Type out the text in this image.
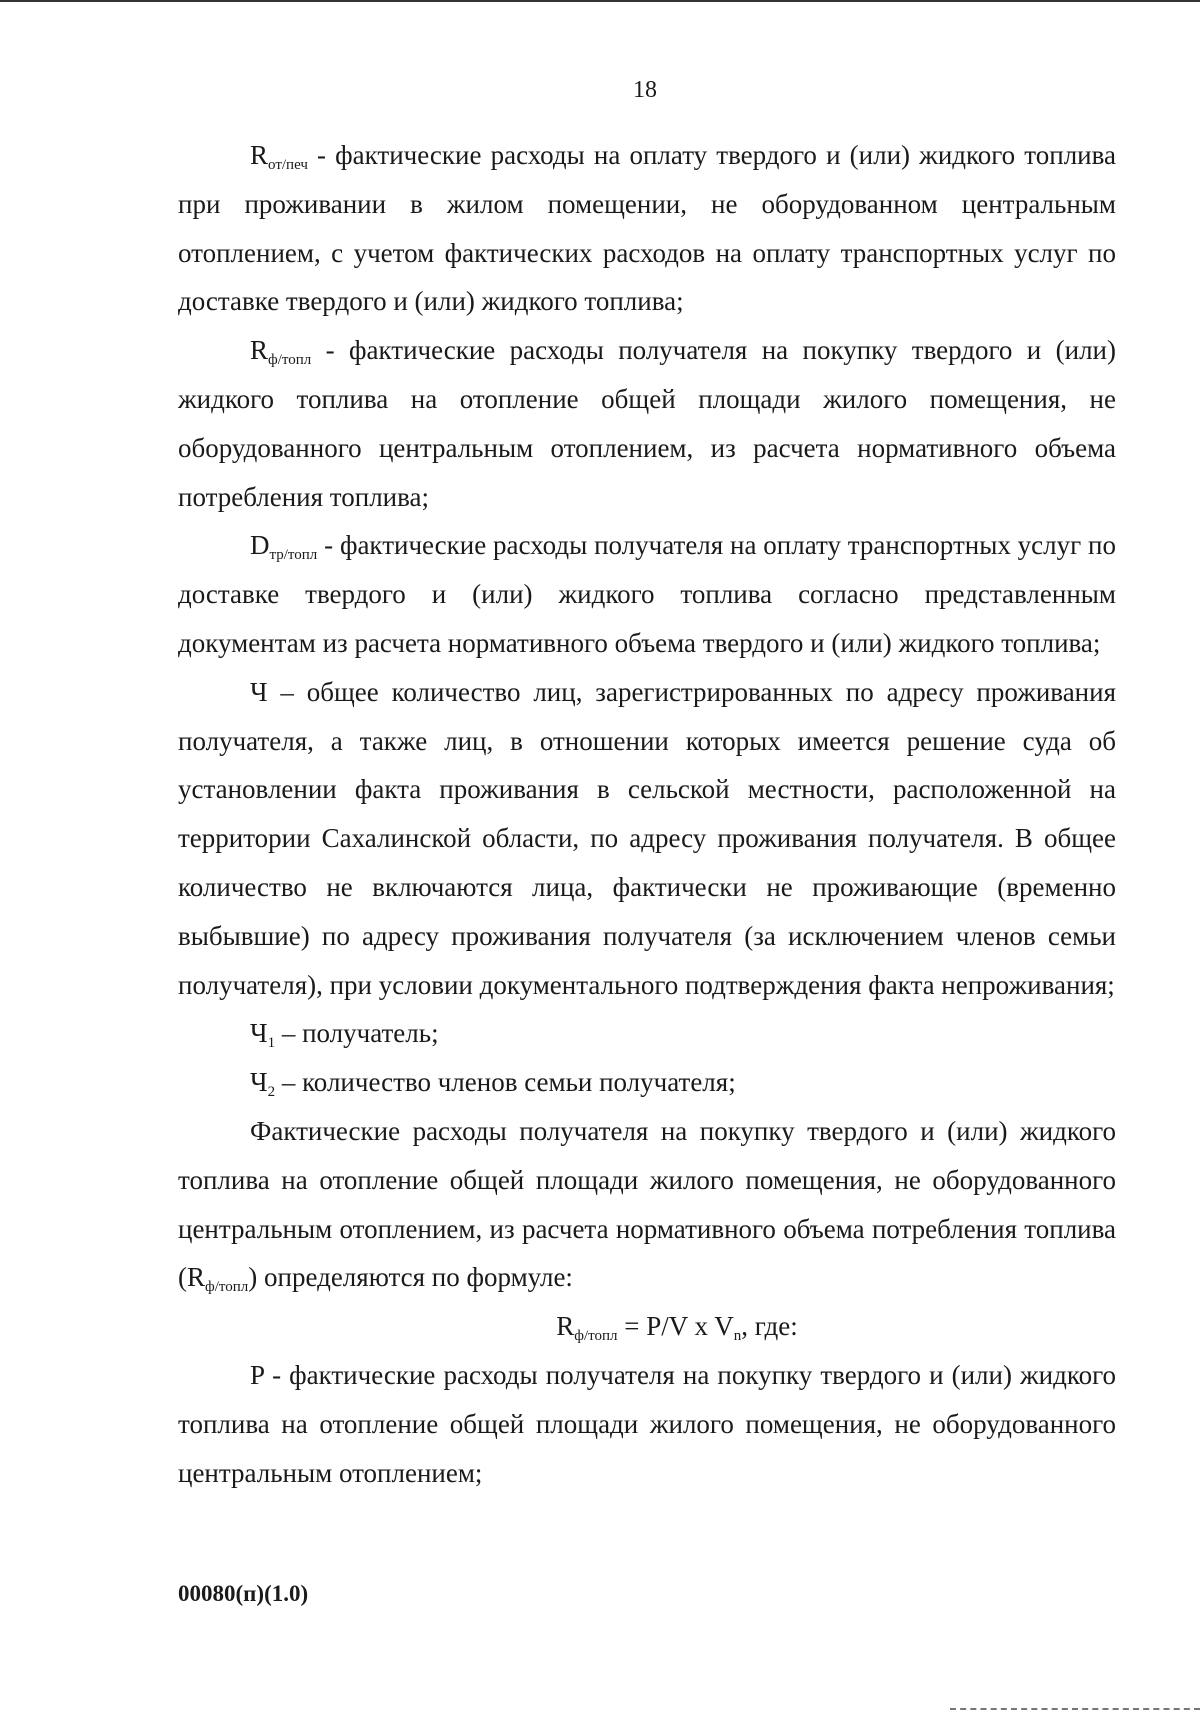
18

$R_{от/печ}$ - фактические расходы на оплату твердого и (или) жидкого топлива при проживании в жилом помещении, не оборудованном центральным отоплением, с учетом фактических расходов на оплату транспортных услуг по доставке твердого и (или) жидкого топлива;

$R_{ф/топл}$ - фактические расходы получателя на покупку твердого и (или) жидкого топлива на отопление общей площади жилого помещения, не оборудованного центральным отоплением, из расчета нормативного объема потребления топлива;

$D_{тр/топл}$ - фактические расходы получателя на оплату транспортных услуг по доставке твердого и (или) жидкого топлива согласно представленным документам из расчета нормативного объема твердого и (или) жидкого топлива;

Ч – общее количество лиц, зарегистрированных по адресу проживания получателя, а также лиц, в отношении которых имеется решение суда об установлении факта проживания в сельской местности, расположенной на территории Сахалинской области, по адресу проживания получателя. В общее количество не включаются лица, фактически не проживающие (временно выбывшие) по адресу проживания получателя (за исключением членов семьи получателя), при условии документального подтверждения факта непроживания;

$Ч_1$ – получатель;

$Ч_2$ – количество членов семьи получателя;

Фактические расходы получателя на покупку твердого и (или) жидкого топлива на отопление общей площади жилого помещения, не оборудованного центральным отоплением, из расчета нормативного объема потребления топлива $(R_{ф/топл})$ определяются по формуле:

$R_{ф/топл} = P/V$ x $V_n$, где:

P - фактические расходы получателя на покупку твердого и (или) жидкого топлива на отопление общей площади жилого помещения, не оборудованного центральным отоплением;

00080(п)(1.0)
